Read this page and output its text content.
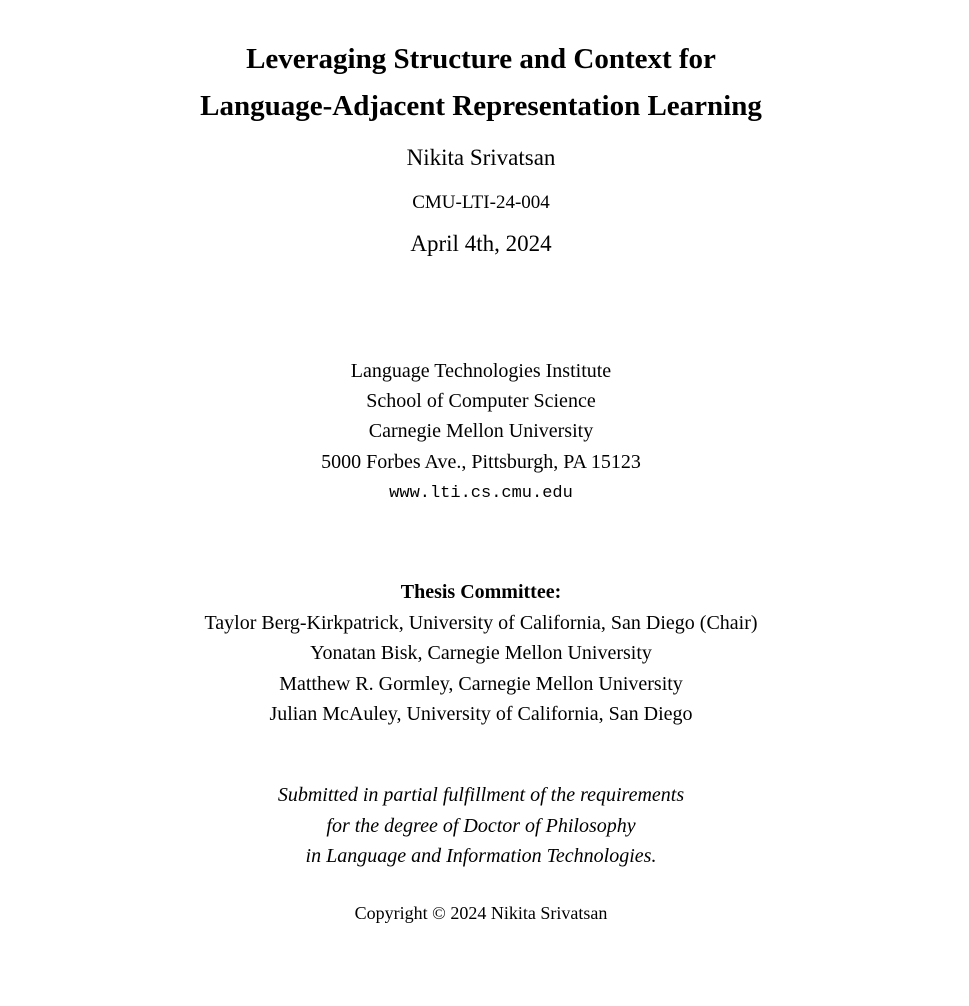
Leveraging Structure and Context for
Language-Adjacent Representation Learning
Nikita Srivatsan
CMU-LTI-24-004
April 4th, 2024
Language Technologies Institute
School of Computer Science
Carnegie Mellon University
5000 Forbes Ave., Pittsburgh, PA 15123
www.lti.cs.cmu.edu
Thesis Committee:
Taylor Berg-Kirkpatrick, University of California, San Diego (Chair)
Yonatan Bisk, Carnegie Mellon University
Matthew R. Gormley, Carnegie Mellon University
Julian McAuley, University of California, San Diego
Submitted in partial fulfillment of the requirements
for the degree of Doctor of Philosophy
in Language and Information Technologies.
Copyright © 2024 Nikita Srivatsan
